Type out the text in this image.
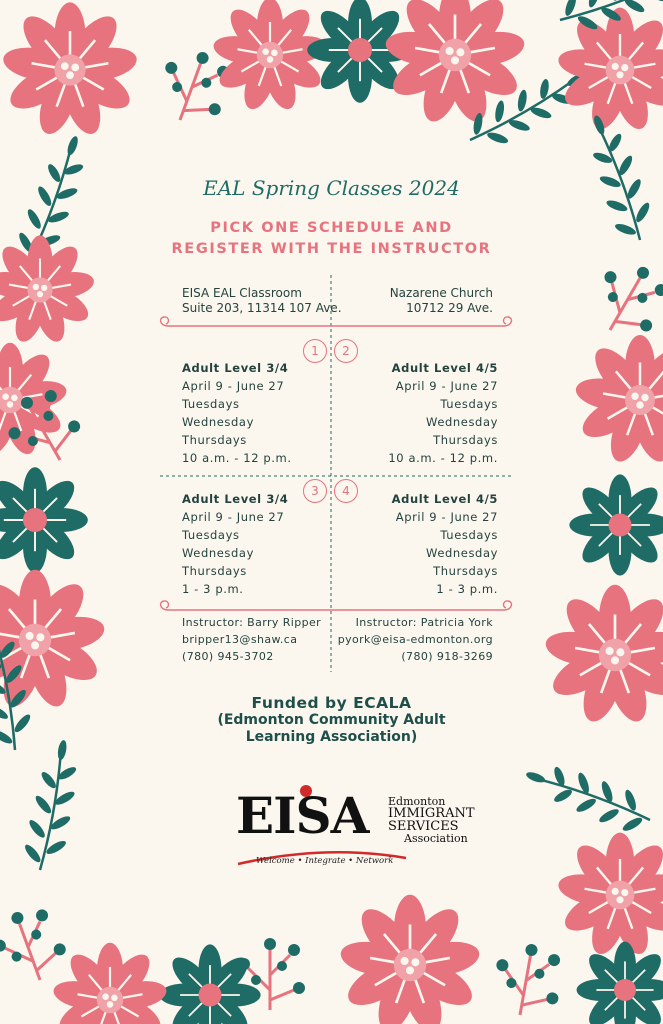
EAL Spring Classes 2024
PICK ONE SCHEDULE AND
REGISTER WITH THE INSTRUCTOR
1	2
3	4
EISA EAL Classroom
Suite 203, 11314 107 Ave.
Nazarene Church
10712 29 Ave.
Adult Level 3/4
April 9 - June 27
Tuesdays
Wednesday
Thursdays
10 a.m. - 12 p.m.
Adult Level 4/5
April 9 - June 27
Tuesdays
Wednesday
Thursdays
10 a.m. - 12 p.m.
Adult Level 3/4
April 9 - June 27
Tuesdays
Wednesday
Thursdays
1 - 3 p.m.
Adult Level 4/5
April 9 - June 27
Tuesdays
Wednesday
Thursdays
1 - 3 p.m.
Instructor: Barry Ripper
bripper13@shaw.ca
(780) 945-3702
Instructor: Patricia York
pyork@eisa-edmonton.org
(780) 918-3269
Funded by ECALA
(Edmonton Community Adult
Learning Association)
EISA Edmonton
IMMIGRANT
SERVICES
Association
Welcome • Integrate • Network
